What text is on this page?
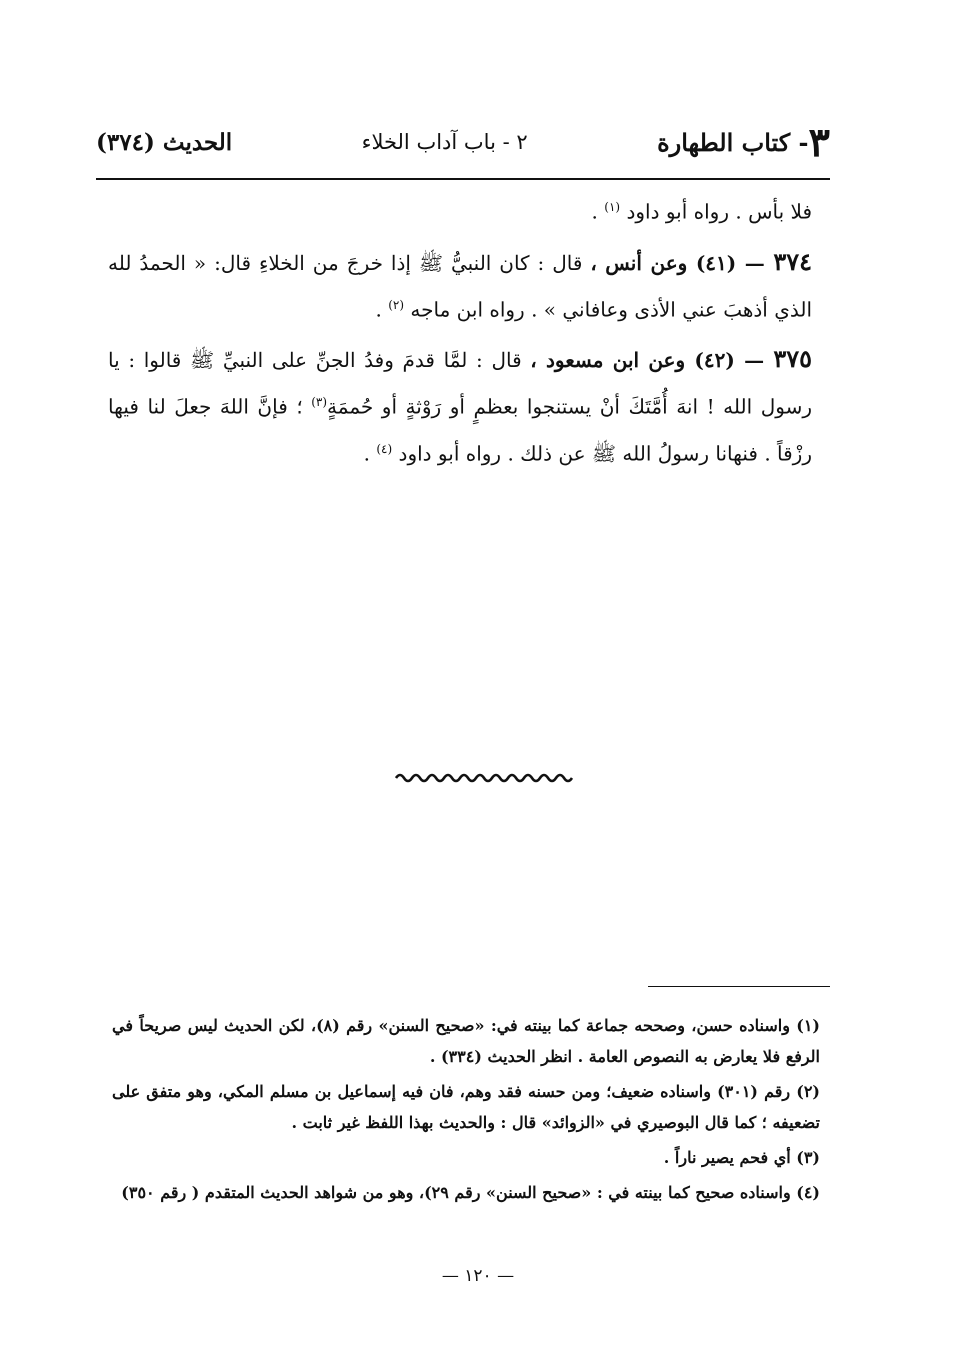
٣- كتاب الطهارة
٢ - باب آداب الخلاء
الحديث (٣٧٤)

فلا بأس . رواه أبو داود $^{(١)}$ .

٣٧٤ — (٤١) وعن أنس ، قال : كان النبيُّ ﷺ إذا خرجَ من الخلاءِ قال: « الحمدُ لله الذي أذهبَ عني الأذى وعافاني » . رواه ابن ماجه $^{(٢)}$ .

٣٧٥ — (٤٢) وعن ابن مسعود ، قال : لمَّا قدمَ وفدُ الجنِّ على النبيِّ ﷺ قالوا : يا رسول الله ! انهَ أُمَّتَكَ أنْ يستنجوا بعظمٍ أو رَوْثةٍ أو حُممَةٍ$^{(٣)}$ ؛ فإنَّ اللهَ جعلَ لنا فيها رزْقاً . فنهانا رسولُ الله ﷺ عن ذلك . رواه أبو داود $^{(٤)}$ .

(١) واسناده حسن، وصححه جماعة كما بينته في: «صحيح السنن» رقم (٨)، لكن الحديث ليس صريحاً في الرفع فلا يعارض به النصوص العامة . انظر الحديث (٣٣٤) .

(٢) رقم (٣٠١) واسناده ضعيف؛ ومن حسنه فقد وهم، فان فيه إسماعيل بن مسلم المكي، وهو متفق على تضعيفه ؛ كما قال البوصيري في «الزوائد» قال : والحديث بهذا اللفظ غير ثابت .

(٣) أي فحم يصير ناراً .

(٤) واسناده صحيح كما بينته في : «صحيح السنن» رقم ٢٩)، وهو من شواهد الحديث المتقدم ( رقم ٣٥٠)

— ١٢٠ —
